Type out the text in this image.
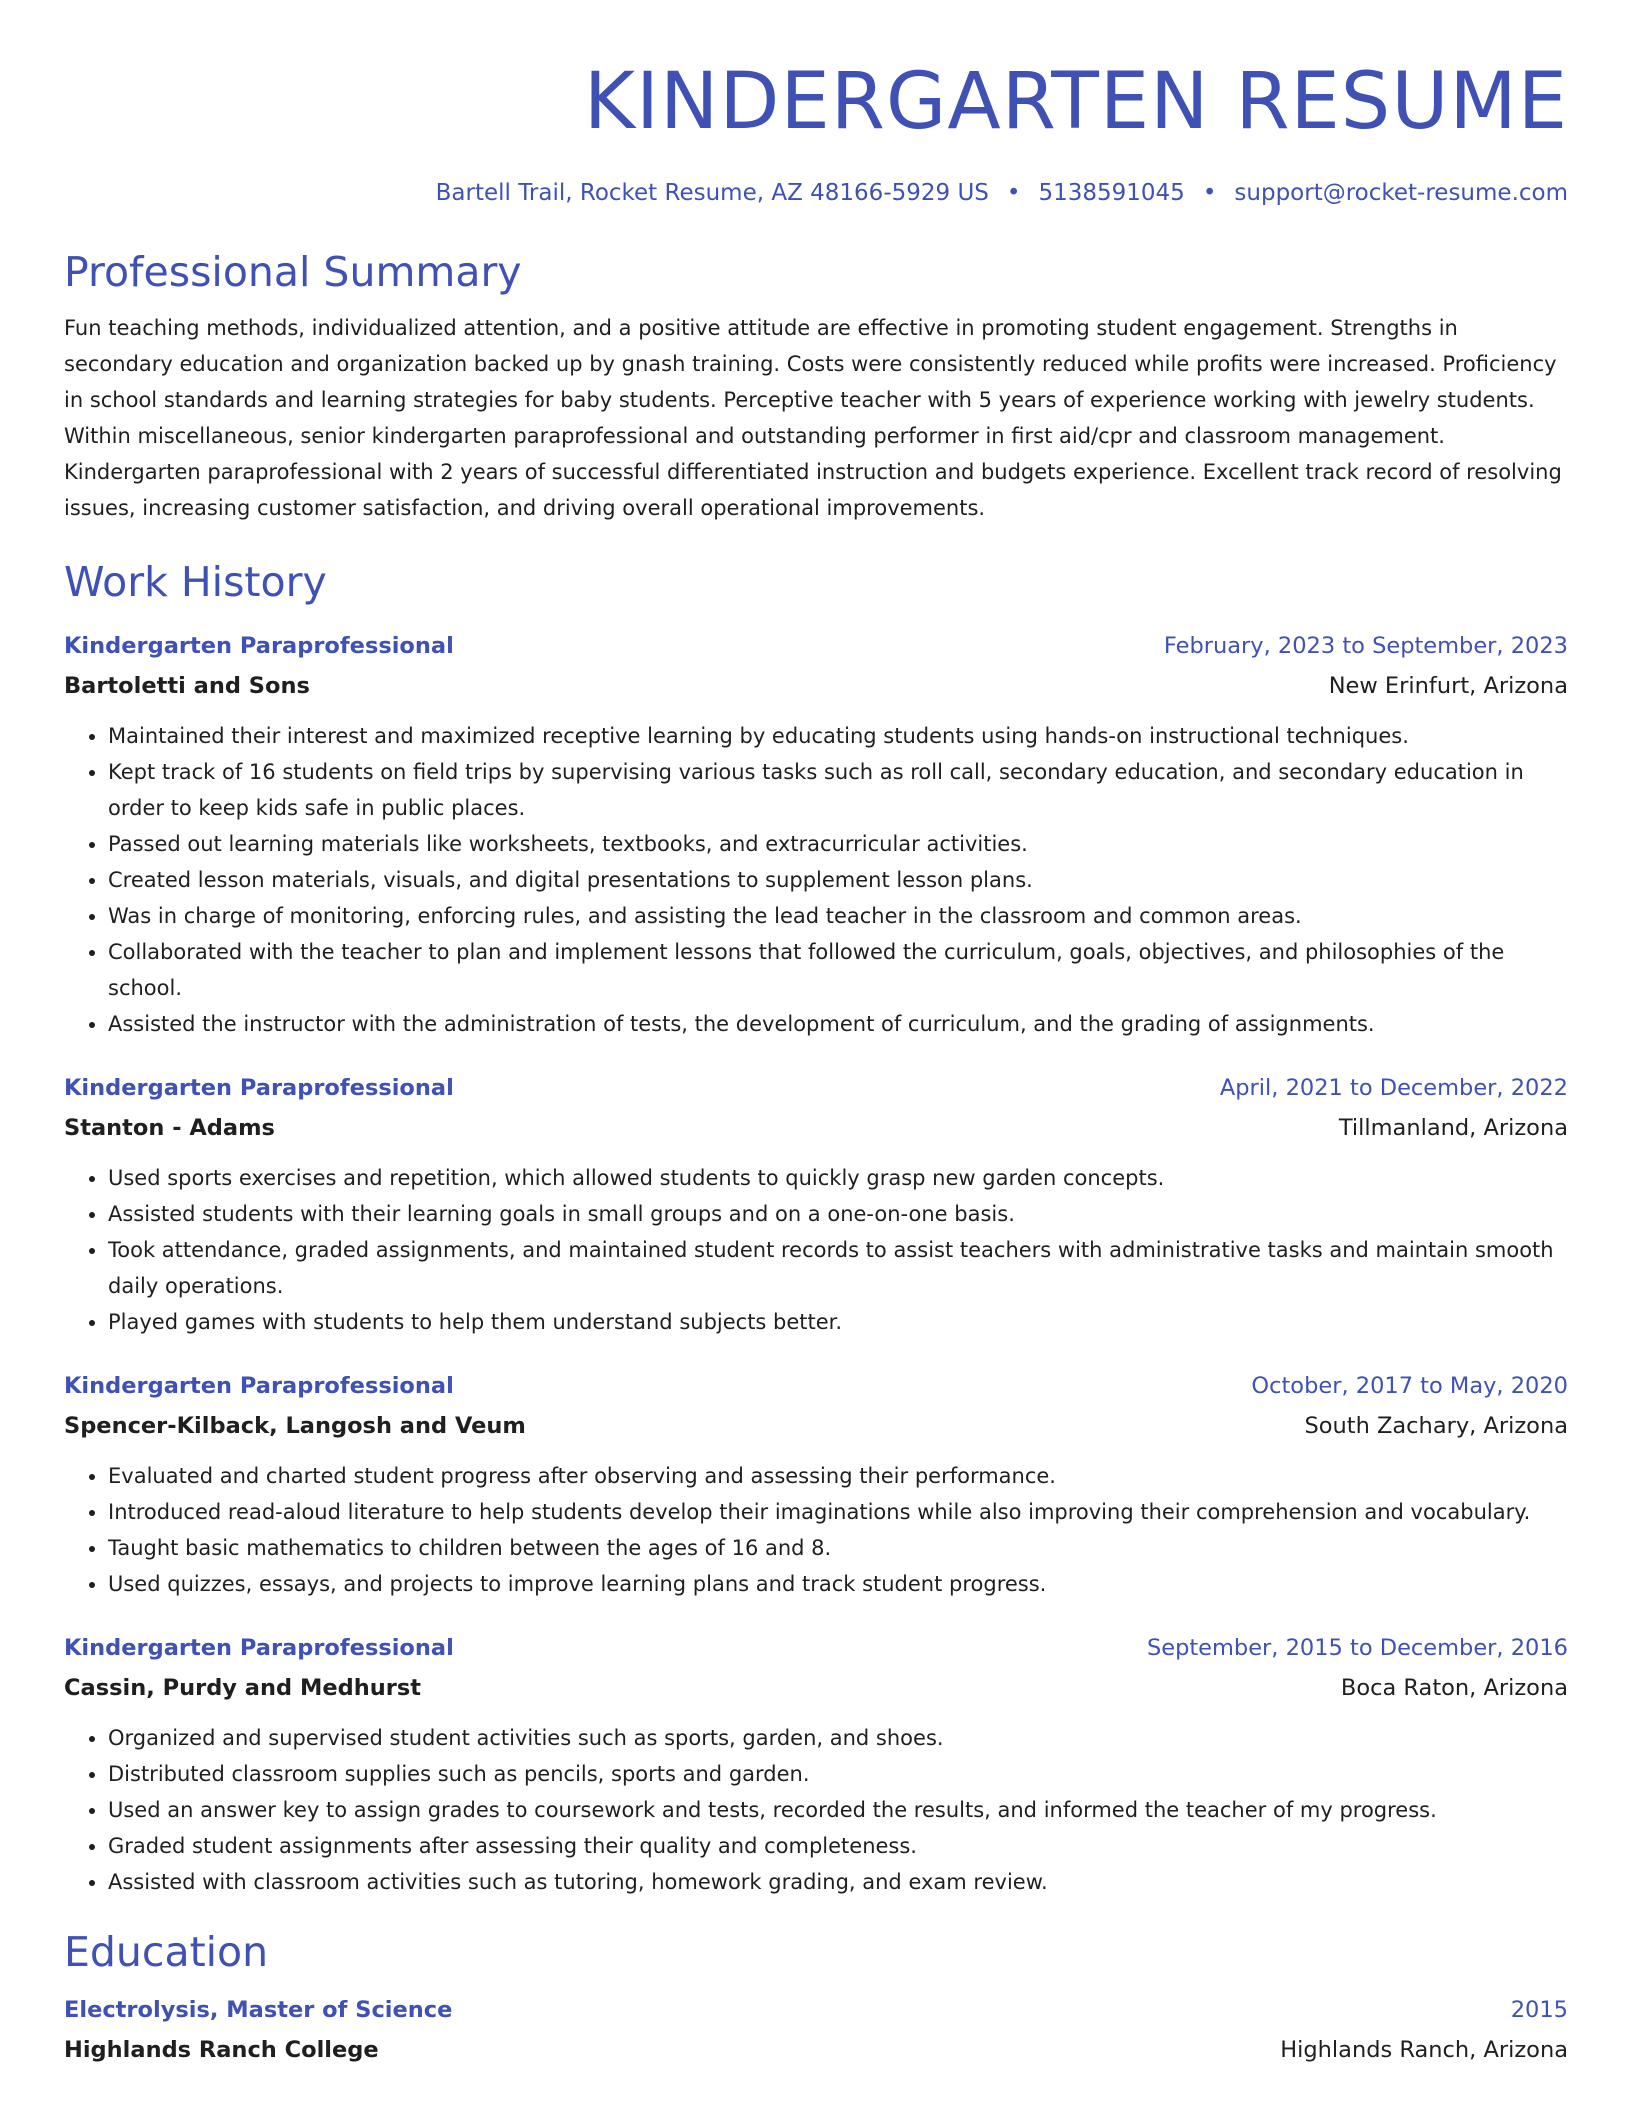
KINDERGARTEN RESUME
Bartell Trail, Rocket Resume, AZ 48166-5929 US • 5138591045 • support@rocket-resume.com
Professional Summary
Fun teaching methods, individualized attention, and a positive attitude are effective in promoting student engagement. Strengths in secondary education and organization backed up by gnash training. Costs were consistently reduced while profits were increased. Proficiency in school standards and learning strategies for baby students. Perceptive teacher with 5 years of experience working with jewelry students. Within miscellaneous, senior kindergarten paraprofessional and outstanding performer in first aid/cpr and classroom management. Kindergarten paraprofessional with 2 years of successful differentiated instruction and budgets experience. Excellent track record of resolving issues, increasing customer satisfaction, and driving overall operational improvements.
Work History
Kindergarten Paraprofessional	February, 2023 to September, 2023
Bartoletti and Sons	New Erinfurt, Arizona
• Maintained their interest and maximized receptive learning by educating students using hands-on instructional techniques.
• Kept track of 16 students on field trips by supervising various tasks such as roll call, secondary education, and secondary education in order to keep kids safe in public places.
• Passed out learning materials like worksheets, textbooks, and extracurricular activities.
• Created lesson materials, visuals, and digital presentations to supplement lesson plans.
• Was in charge of monitoring, enforcing rules, and assisting the lead teacher in the classroom and common areas.
• Collaborated with the teacher to plan and implement lessons that followed the curriculum, goals, objectives, and philosophies of the school.
• Assisted the instructor with the administration of tests, the development of curriculum, and the grading of assignments.
Kindergarten Paraprofessional	April, 2021 to December, 2022
Stanton - Adams	Tillmanland, Arizona
• Used sports exercises and repetition, which allowed students to quickly grasp new garden concepts.
• Assisted students with their learning goals in small groups and on a one-on-one basis.
• Took attendance, graded assignments, and maintained student records to assist teachers with administrative tasks and maintain smooth daily operations.
• Played games with students to help them understand subjects better.
Kindergarten Paraprofessional	October, 2017 to May, 2020
Spencer-Kilback, Langosh and Veum	South Zachary, Arizona
• Evaluated and charted student progress after observing and assessing their performance.
• Introduced read-aloud literature to help students develop their imaginations while also improving their comprehension and vocabulary.
• Taught basic mathematics to children between the ages of 16 and 8.
• Used quizzes, essays, and projects to improve learning plans and track student progress.
Kindergarten Paraprofessional	September, 2015 to December, 2016
Cassin, Purdy and Medhurst	Boca Raton, Arizona
• Organized and supervised student activities such as sports, garden, and shoes.
• Distributed classroom supplies such as pencils, sports and garden.
• Used an answer key to assign grades to coursework and tests, recorded the results, and informed the teacher of my progress.
• Graded student assignments after assessing their quality and completeness.
• Assisted with classroom activities such as tutoring, homework grading, and exam review.
Education
Electrolysis, Master of Science	2015
Highlands Ranch College	Highlands Ranch, Arizona
